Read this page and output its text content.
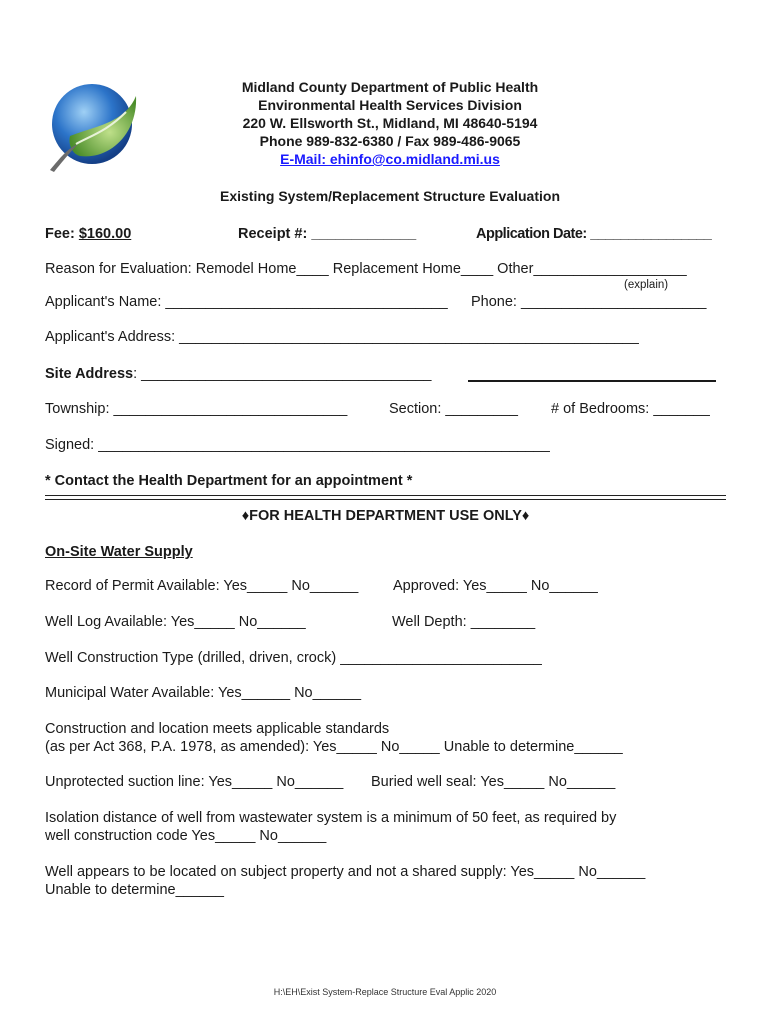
Midland County Department of Public Health
Environmental Health Services Division
220 W. Ellsworth St., Midland, MI 48640-5194
Phone 989-832-6380 / Fax 989-486-9065
E-Mail: ehinfo@co.midland.mi.us
Existing System/Replacement Structure Evaluation
Fee: $160.00	Receipt #: _____________	Application Date: ________________
Reason for Evaluation: Remodel Home____ Replacement Home____ Other___________________
(explain)
Applicant's Name: ___________________________________ Phone: _______________________
Applicant's Address: _________________________________________________________
Site Address: ____________________________________
Township: _____________________________	Section: _________ # of Bedrooms: _______
Signed: ________________________________________________________
* Contact the Health Department for an appointment *
♦FOR HEALTH DEPARTMENT USE ONLY♦
On-Site Water Supply
Record of Permit Available: Yes_____ No______ Approved: Yes_____ No______
Well Log Available: Yes_____ No______	Well Depth: ________
Well Construction Type (drilled, driven, crock) _________________________
Municipal Water Available: Yes______ No______
Construction and location meets applicable standards
(as per Act 368, P.A. 1978, as amended): Yes_____ No_____ Unable to determine______
Unprotected suction line: Yes_____ No______ Buried well seal: Yes_____ No______
Isolation distance of well from wastewater system is a minimum of 50 feet, as required by
well construction code Yes_____ No______
Well appears to be located on subject property and not a shared supply: Yes_____ No______
Unable to determine______
H:\EH\Exist System-Replace Structure Eval Applic 2020
